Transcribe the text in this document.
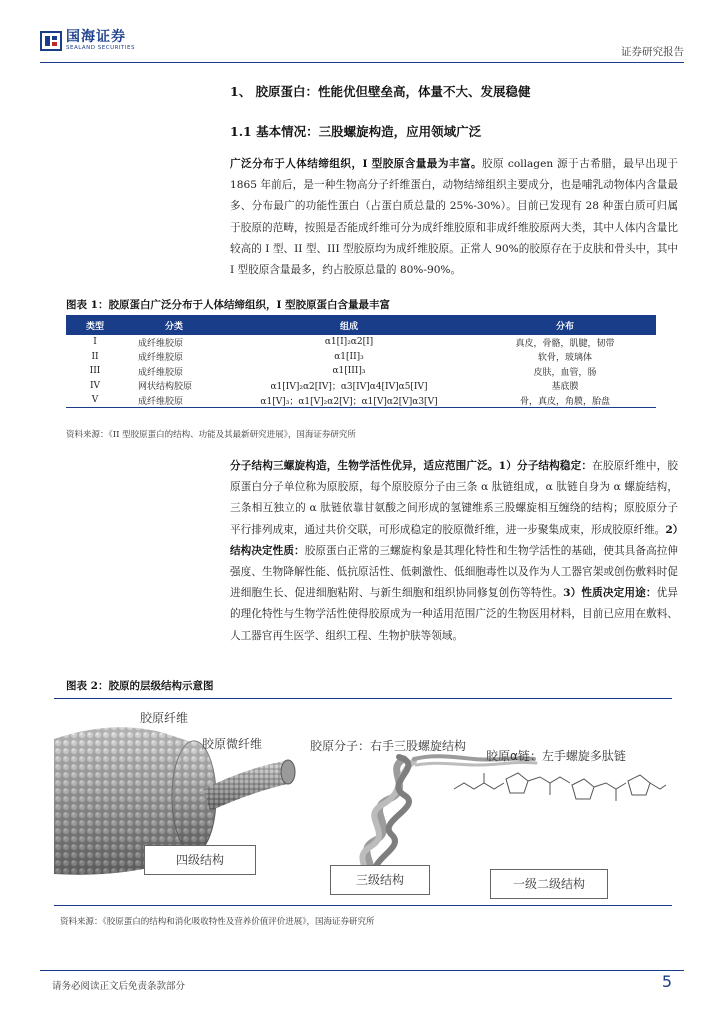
国海证券
SEALAND SECURITIES	证券研究报告
1、 胶原蛋白：性能优但壁垒高，体量不大、发展稳健
1.1 基本情况：三股螺旋构造，应用领域广泛
广泛分布于人体结缔组织，I 型胶原含量最为丰富。胶原 collagen 源于古希腊，最早出现于 1865 年前后，是一种生物高分子纤维蛋白，动物结缔组织主要成分，也是哺乳动物体内含量最多、分布最广的功能性蛋白（占蛋白质总量的 25%-30%）。目前已发现有 28 种蛋白质可归属于胶原的范畴，按照是否能成纤维可分为成纤维胶原和非成纤维胶原两大类，其中人体内含量比较高的 I 型、II 型、III 型胶原均为成纤维胶原。正常人 90%的胶原存在于皮肤和骨头中，其中 I 型胶原含量最多，约占胶原总量的 80%-90%。
图表 1：胶原蛋白广泛分布于人体结缔组织，I 型胶原蛋白含量最丰富
类型	分类	组成	分布
I	成纤维胶原	α1[I]₂α2[I]	真皮，骨骼，肌腱，韧带
II	成纤维胶原	α1[II]₃	软骨，玻璃体
III	成纤维胶原	α1[III]₃	皮肤，血管，肠
IV	网状结构胶原	α1[IV]₂α2[IV]；α3[IV]α4[IV]α5[IV]	基底膜
V	成纤维胶原	α1[V]₃；α1[V]₂α2[V]；α1[V]α2[V]α3[V]	骨，真皮，角膜，胎盘
资料来源：《II 型胶原蛋白的结构、功能及其最新研究进展》，国海证券研究所
分子结构三螺旋构造，生物学活性优异，适应范围广泛。1）分子结构稳定：在胶原纤维中，胶原蛋白分子单位称为原胶原，每个原胶原分子由三条 α 肽链组成，α 肽链自身为 α 螺旋结构，三条相互独立的 α 肽链依靠甘氨酸之间形成的氢键维系三股螺旋相互缠绕的结构；原胶原分子平行排列成束，通过共价交联，可形成稳定的胶原微纤维，进一步聚集成束，形成胶原纤维。2）结构决定性质：胶原蛋白正常的三螺旋构象是其理化特性和生物学活性的基础，使其具备高拉伸强度、生物降解性能、低抗原活性、低刺激性、低细胞毒性以及作为人工器官架或创伤敷料时促进细胞生长、促进细胞粘附、与新生细胞和组织协同修复创伤等特性。3）性质决定用途：优异的理化特性与生物学活性使得胶原成为一种适用范围广泛的生物医用材料，目前已应用在敷料、人工器官再生医学、组织工程、生物护肤等领域。
图表 2：胶原的层级结构示意图
胶原纤维
胶原微纤维	胶原分子：右手三股螺旋结构
胶原α链：左手螺旋多肽链
四级结构
三级结构	一级二级结构
资料来源：《胶原蛋白的结构和消化吸收特性及营养价值评价进展》，国海证券研究所
请务必阅读正文后免责条款部分	5
